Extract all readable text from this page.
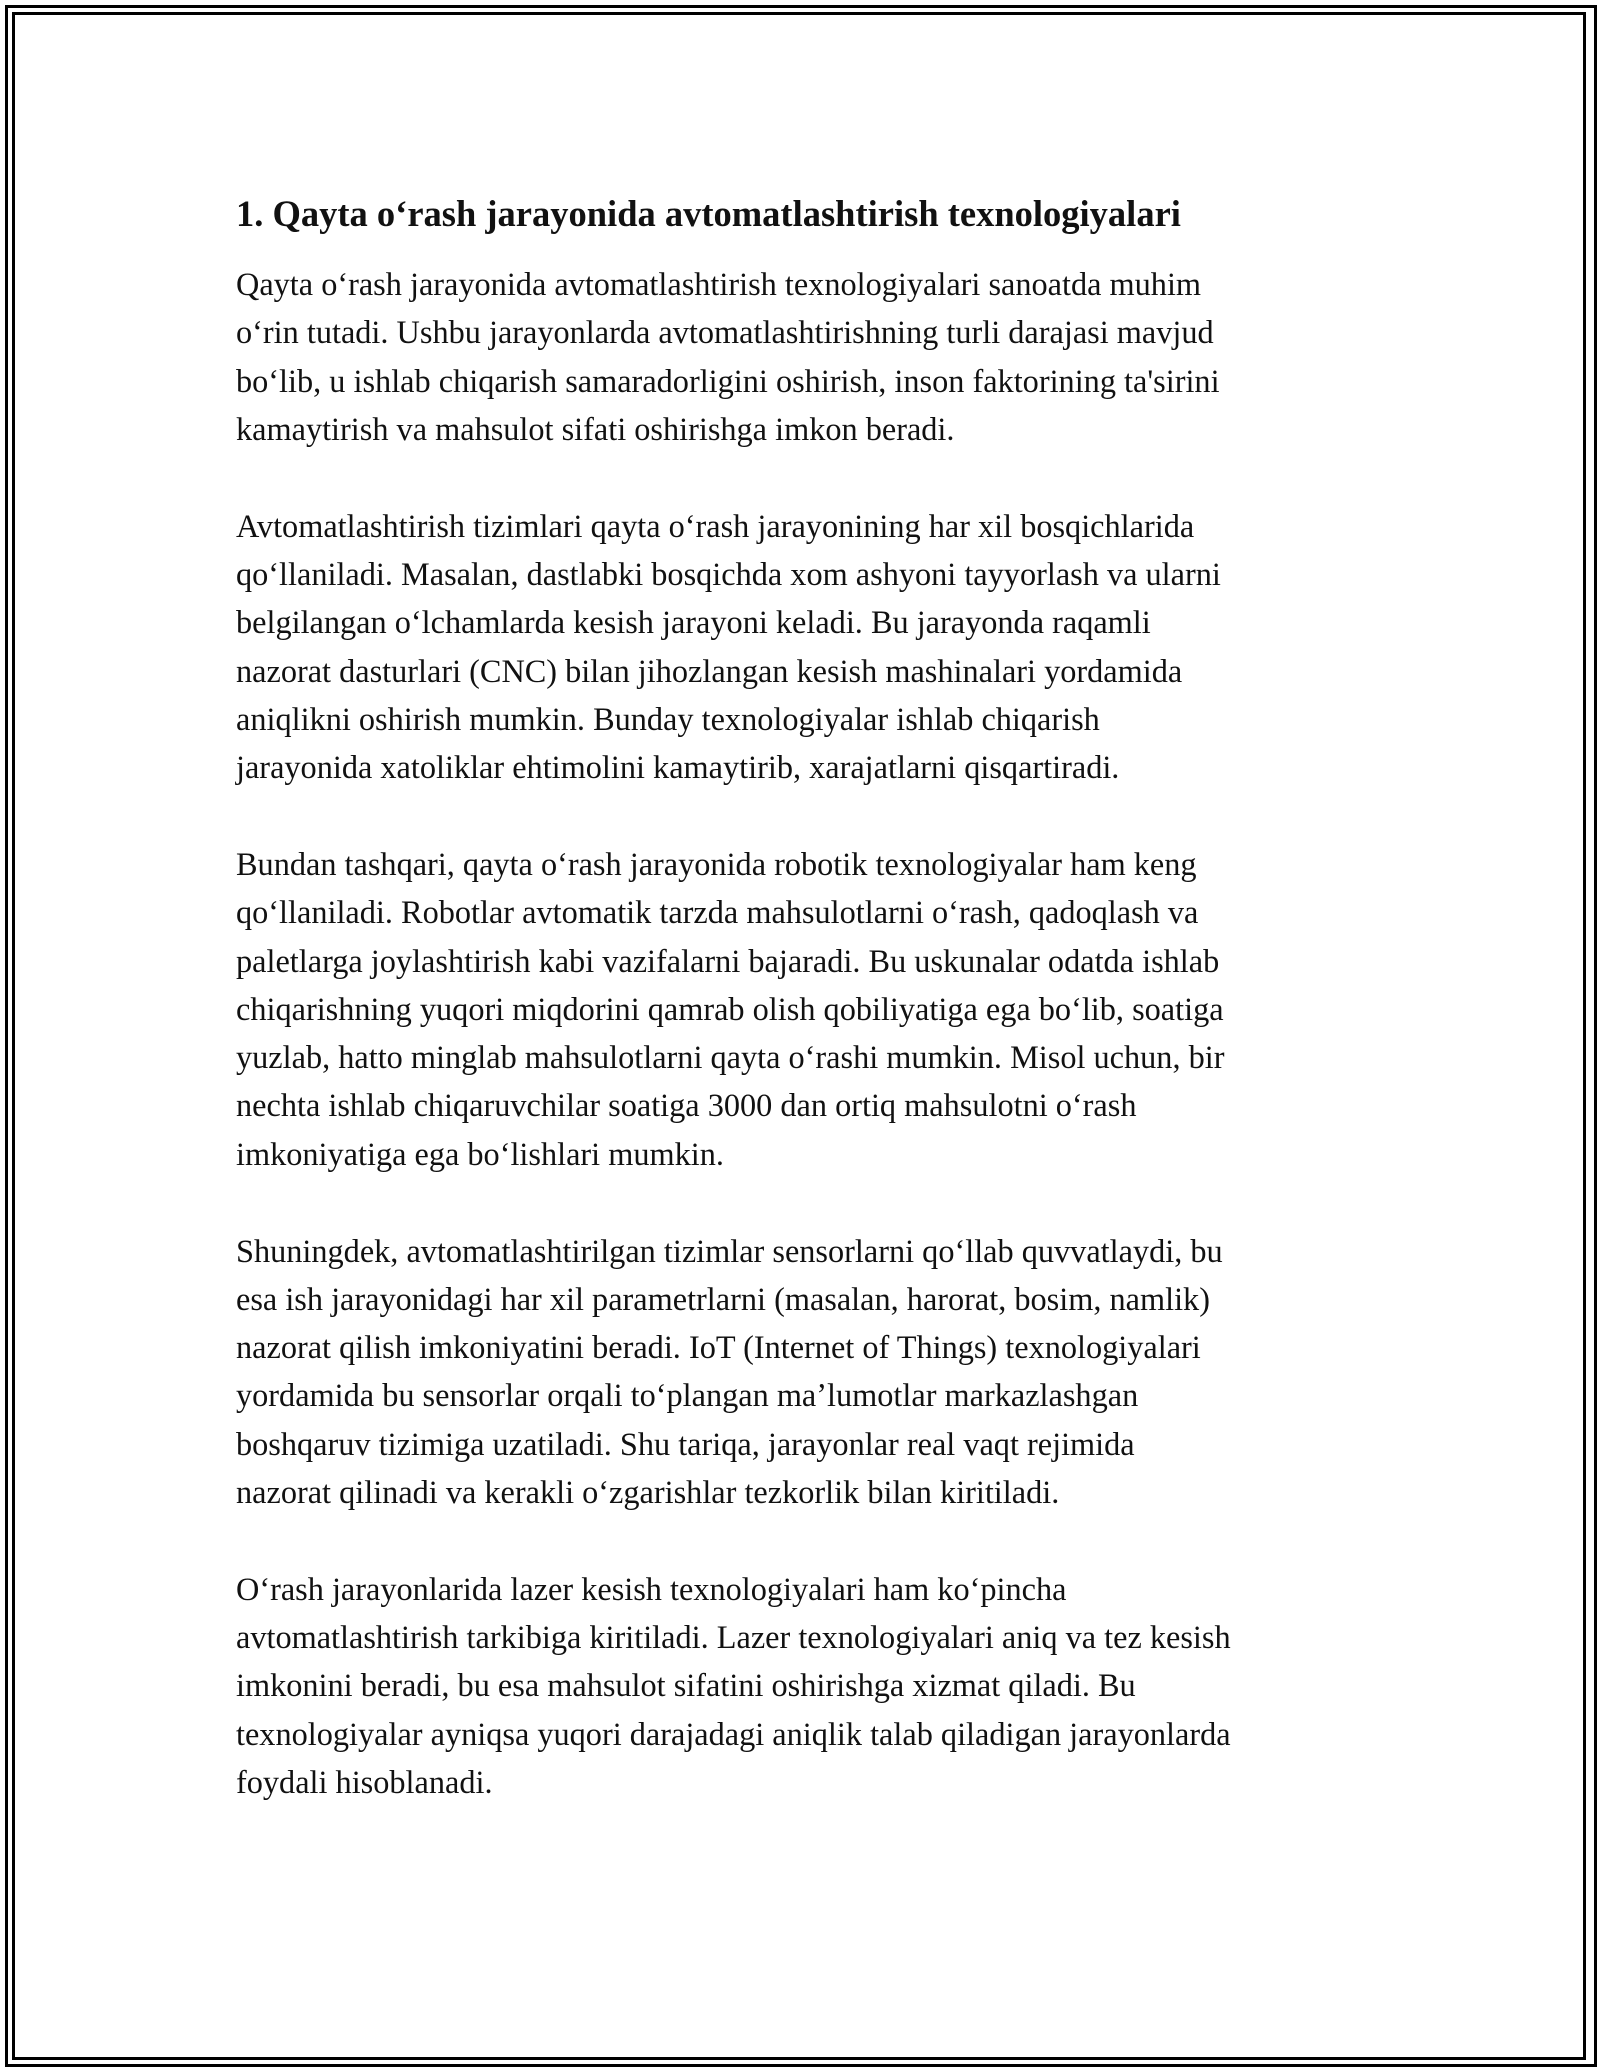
1. Qayta oʻrash jarayonida avtomatlashtirish texnologiyalari
Qayta oʻrash jarayonida avtomatlashtirish texnologiyalari sanoatda muhim
oʻrin tutadi. Ushbu jarayonlarda avtomatlashtirishning turli darajasi mavjud
boʻlib, u ishlab chiqarish samaradorligini oshirish, inson faktorining ta'sirini
kamaytirish va mahsulot sifati oshirishga imkon beradi.
Avtomatlashtirish tizimlari qayta oʻrash jarayonining har xil bosqichlarida
qoʻllaniladi. Masalan, dastlabki bosqichda xom ashyoni tayyorlash va ularni
belgilangan oʻlchamlarda kesish jarayoni keladi. Bu jarayonda raqamli
nazorat dasturlari (CNC) bilan jihozlangan kesish mashinalari yordamida
aniqlikni oshirish mumkin. Bunday texnologiyalar ishlab chiqarish
jarayonida xatoliklar ehtimolini kamaytirib, xarajatlarni qisqartiradi.
Bundan tashqari, qayta oʻrash jarayonida robotik texnologiyalar ham keng
qoʻllaniladi. Robotlar avtomatik tarzda mahsulotlarni oʻrash, qadoqlash va
paletlarga joylashtirish kabi vazifalarni bajaradi. Bu uskunalar odatda ishlab
chiqarishning yuqori miqdorini qamrab olish qobiliyatiga ega boʻlib, soatiga
yuzlab, hatto minglab mahsulotlarni qayta oʻrashi mumkin. Misol uchun, bir
nechta ishlab chiqaruvchilar soatiga 3000 dan ortiq mahsulotni oʻrash
imkoniyatiga ega boʻlishlari mumkin.
Shuningdek, avtomatlashtirilgan tizimlar sensorlarni qoʻllab quvvatlaydi, bu
esa ish jarayonidagi har xil parametrlarni (masalan, harorat, bosim, namlik)
nazorat qilish imkoniyatini beradi. IoT (Internet of Things) texnologiyalari
yordamida bu sensorlar orqali toʻplangan maʼlumotlar markazlashgan
boshqaruv tizimiga uzatiladi. Shu tariqa, jarayonlar real vaqt rejimida
nazorat qilinadi va kerakli oʻzgarishlar tezkorlik bilan kiritiladi.
Oʻrash jarayonlarida lazer kesish texnologiyalari ham koʻpincha
avtomatlashtirish tarkibiga kiritiladi. Lazer texnologiyalari aniq va tez kesish
imkonini beradi, bu esa mahsulot sifatini oshirishga xizmat qiladi. Bu
texnologiyalar ayniqsa yuqori darajadagi aniqlik talab qiladigan jarayonlarda
foydali hisoblanadi.
